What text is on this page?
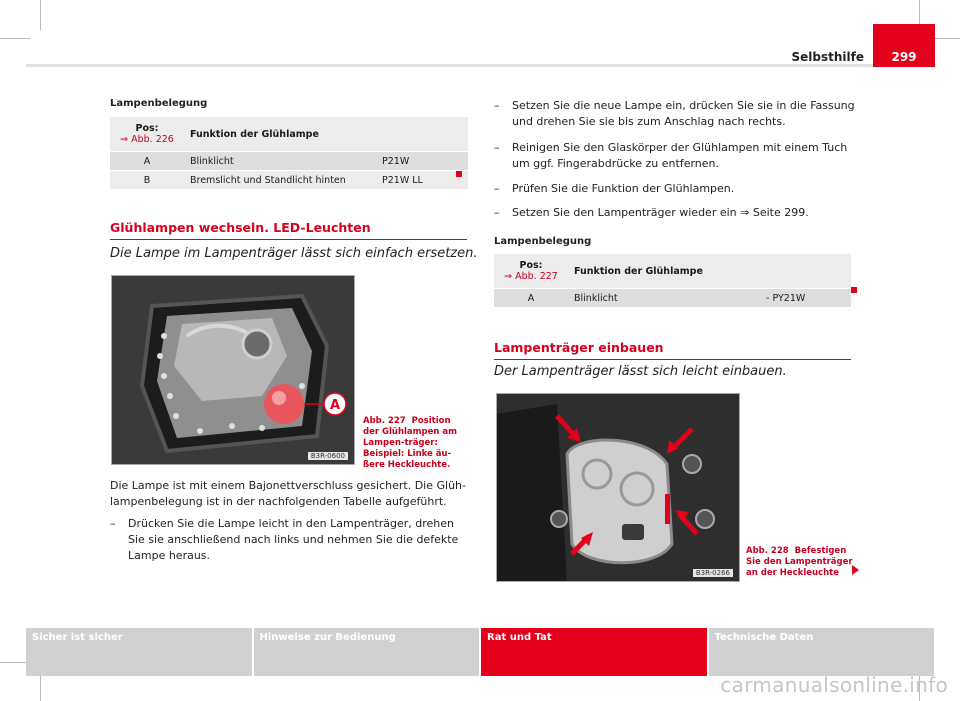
Selbsthilfe	299
Lampenbelegung
Pos:
⇒ Abb. 226	Funktion der Glühlampe	
A	Blinklicht	P21W
B	Bremslicht und Standlicht hinten	P21W LL
Glühlampen wechseln. LED-Leuchten
Die Lampe im Lampenträger lässt sich einfach ersetzen.
A
B3R-0600
Abb. 227 Position der Glühlampen am Lampen-träger: Beispiel: Linke äu-ßere Heckleuchte.
Die Lampe ist mit einem Bajonettverschluss gesichert. Die Glüh-lampenbelegung ist in der nachfolgenden Tabelle aufgeführt.
– Drücken Sie die Lampe leicht in den Lampenträger, drehen Sie sie anschließend nach links und nehmen Sie die defekte Lampe heraus.
– Setzen Sie die neue Lampe ein, drücken Sie sie in die Fassung und drehen Sie sie bis zum Anschlag nach rechts.
– Reinigen Sie den Glaskörper der Glühlampen mit einem Tuch um ggf. Fingerabdrücke zu entfernen.
– Prüfen Sie die Funktion der Glühlampen.
– Setzen Sie den Lampenträger wieder ein ⇒ Seite 299.
Lampenbelegung
Pos:
⇒ Abb. 227	Funktion der Glühlampe	
A	Blinklicht	- PY21W
Lampenträger einbauen
Der Lampenträger lässt sich leicht einbauen.
B3R-0266
Abb. 228 Befestigen Sie den Lampenträger an der Heckleuchte
Sicher ist sicher	Hinweise zur Bedienung	Rat und Tat	Technische Daten
carmanualsonline.info
